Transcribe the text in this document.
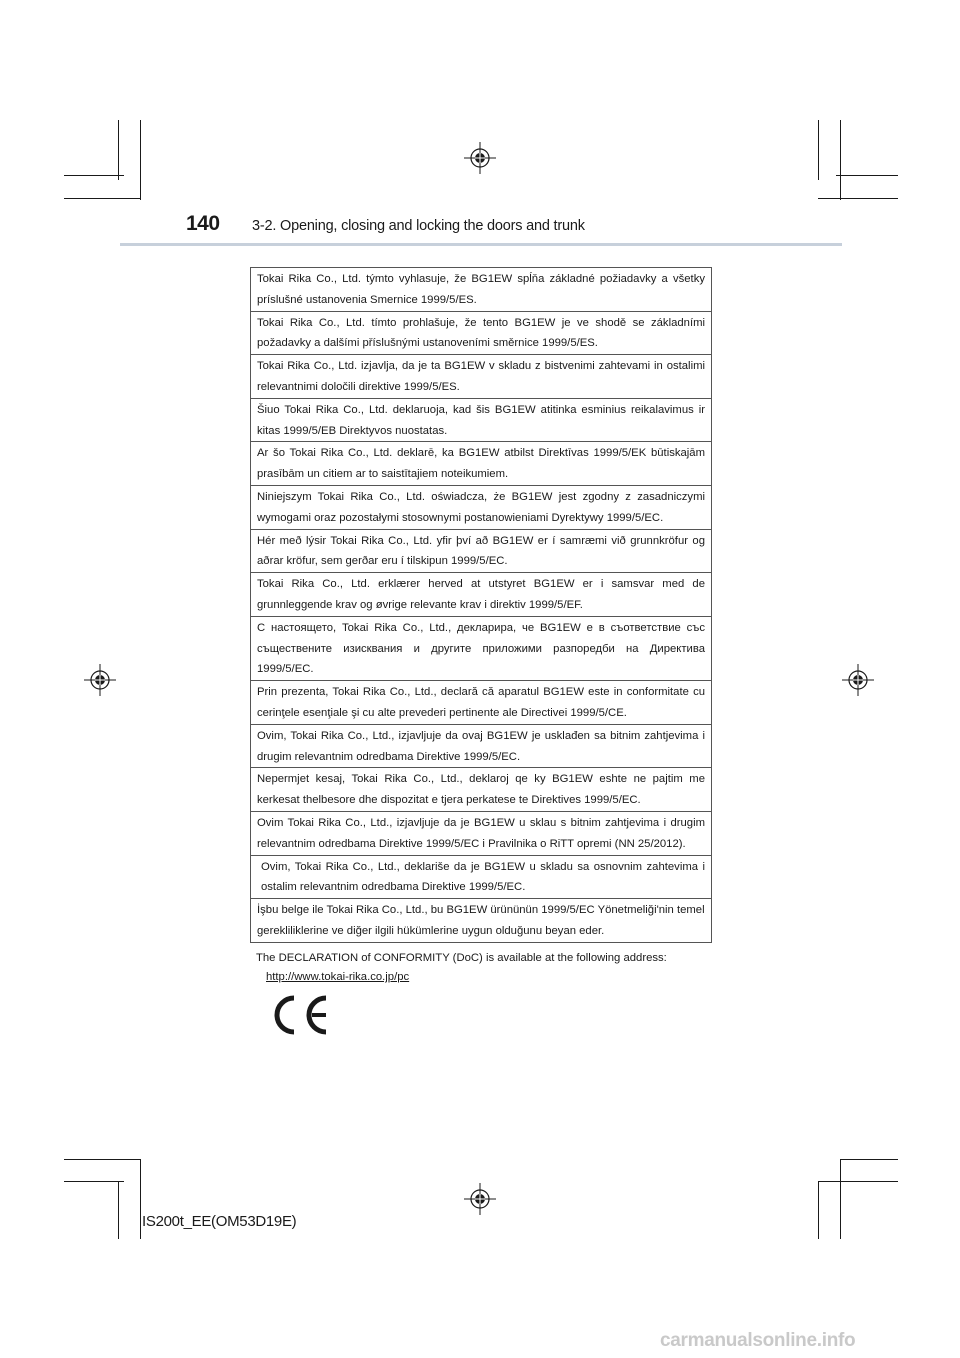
140	3-2. Opening, closing and locking the doors and trunk
Tokai Rika Co., Ltd. týmto vyhlasuje, že BG1EW spĺňa základné požiadavky a všetky príslušné ustanovenia Smernice 1999/5/ES.
Tokai Rika Co., Ltd. tímto prohlašuje, že tento BG1EW je ve shodě se základními požadavky a dalšími příslušnými ustanoveními směrnice 1999/5/ES.
Tokai Rika Co., Ltd. izjavlja, da je ta BG1EW v skladu z bistvenimi zahtevami in ostalimi relevantnimi določili direktive 1999/5/ES.
Šiuo Tokai Rika Co., Ltd. deklaruoja, kad šis BG1EW atitinka esminius reikalavimus ir kitas 1999/5/EB Direktyvos nuostatas.
Ar šo Tokai Rika Co., Ltd. deklarē, ka BG1EW atbilst Direktīvas 1999/5/EK būtiskajām prasībām un citiem ar to saistītajiem noteikumiem.
Niniejszym Tokai Rika Co., Ltd. oświadcza, że BG1EW jest zgodny z zasadniczymi wymogami oraz pozostałymi stosownymi postanowieniami Dyrektywy 1999/5/EC.
Hér með lýsir Tokai Rika Co., Ltd. yfir því að BG1EW er í samræmi við grunnkröfur og aðrar kröfur, sem gerðar eru í tilskipun 1999/5/EC.
Tokai Rika Co., Ltd. erklærer herved at utstyret BG1EW er i samsvar med de grunnleggende krav og øvrige relevante krav i direktiv 1999/5/EF.
С настоящето, Tokai Rika Co., Ltd., декларира, че BG1EW е в съответствие със съществените изисквания и другите приложими разпоредби на Директива 1999/5/EC.
Prin prezenta, Tokai Rika Co., Ltd., declară că aparatul BG1EW este in conformitate cu cerinţele esenţiale şi cu alte prevederi pertinente ale Directivei 1999/5/CE.
Ovim, Tokai Rika Co., Ltd., izjavljuje da ovaj BG1EW je usklađen sa bitnim zahtjevima i drugim relevantnim odredbama Direktive 1999/5/EC.
Nepermjet kesaj, Tokai Rika Co., Ltd., deklaroj qe ky BG1EW eshte ne pajtim me kerkesat thelbesore dhe dispozitat e tjera perkatese te Direktives 1999/5/EC.
Ovim Tokai Rika Co., Ltd., izjavljuje da je BG1EW u sklau s bitnim zahtjevima i drugim relevantnim odredbama Direktive 1999/5/EC i Pravilnika o RiTT opremi (NN 25/2012).
Ovim, Tokai Rika Co., Ltd., deklariše da je BG1EW u skladu sa osnovnim zahtevima i ostalim relevantnim odredbama Direktive 1999/5/EC.
İşbu belge ile Tokai Rika Co., Ltd., bu BG1EW ürününün 1999/5/EC Yönetmeliği'nin temel gerekliliklerine ve diğer ilgili hükümlerine uygun olduğunu beyan eder.
The DECLARATION of CONFORMITY (DoC) is available at the following address:
http://www.tokai-rika.co.jp/pc
IS200t_EE(OM53D19E)
carmanualsonline.info
